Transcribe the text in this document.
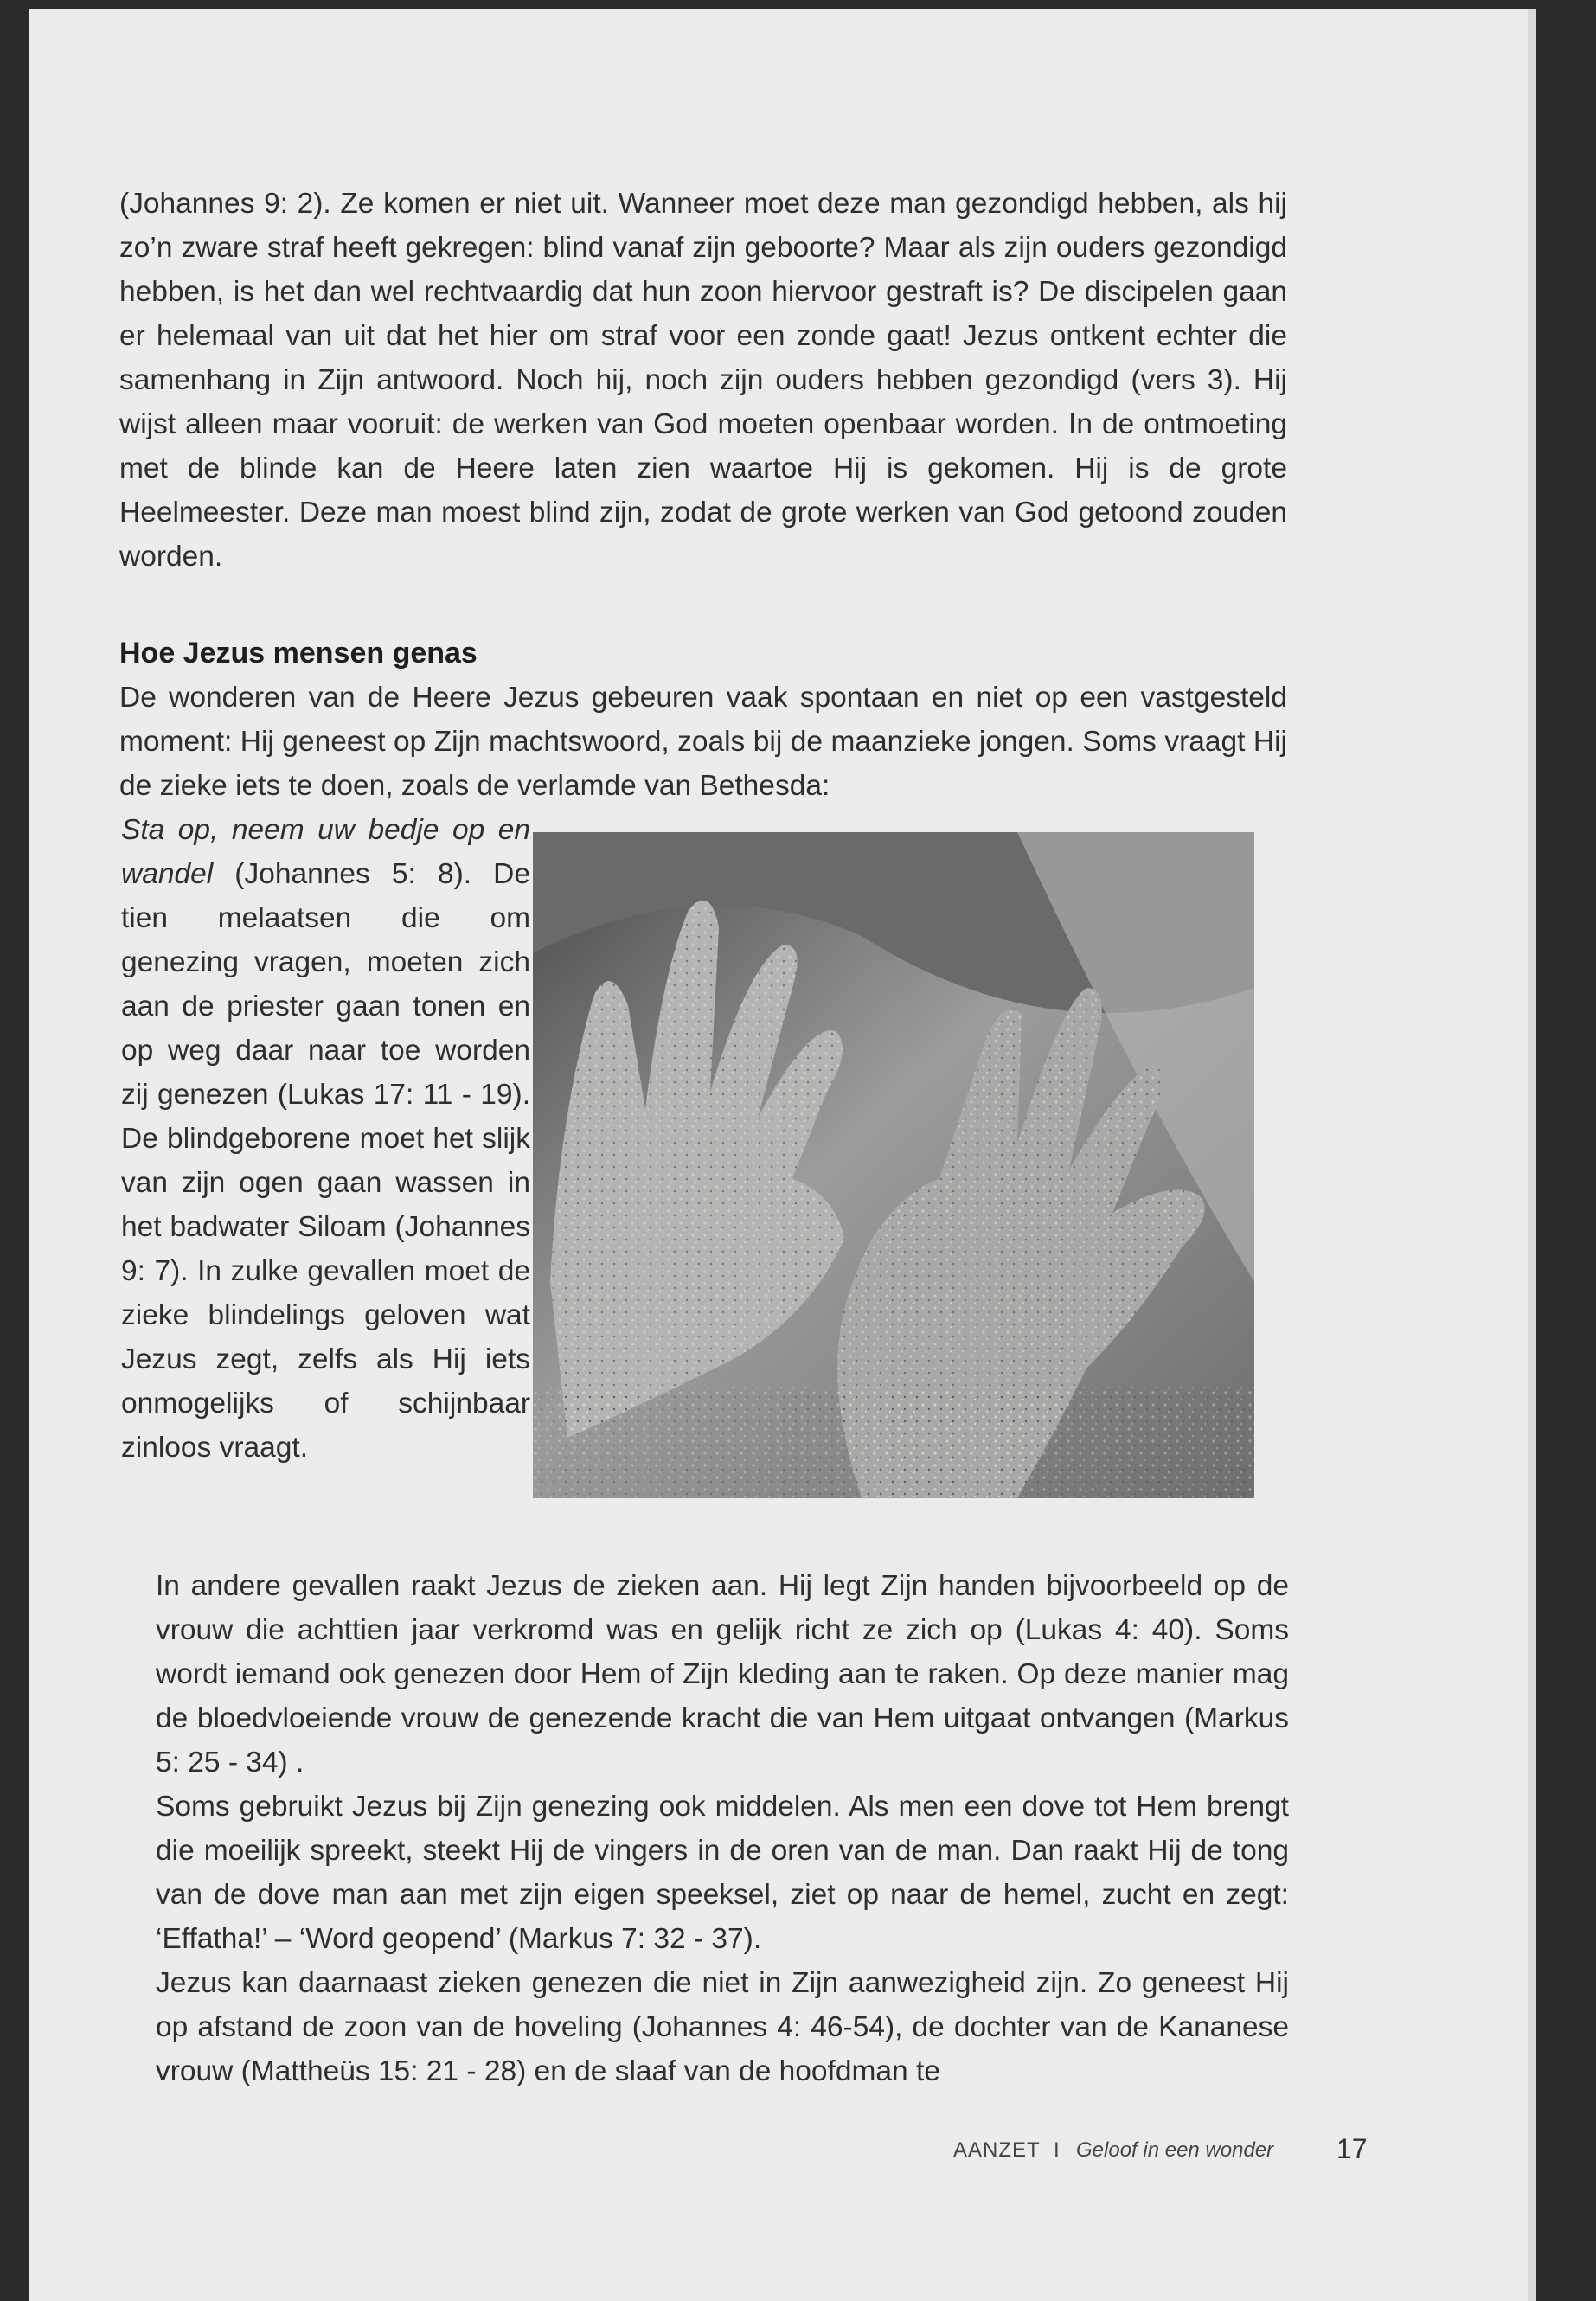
(Johannes 9: 2). Ze komen er niet uit. Wanneer moet deze man gezondigd hebben, als hij zo’n zware straf heeft gekregen: blind vanaf zijn geboorte? Maar als zijn ouders gezondigd hebben, is het dan wel rechtvaardig dat hun zoon hiervoor gestraft is? De discipelen gaan er helemaal van uit dat het hier om straf voor een zonde gaat! Jezus ontkent echter die samenhang in Zijn antwoord. Noch hij, noch zijn ouders hebben gezondigd (vers 3). Hij wijst alleen maar vooruit: de werken van God moeten openbaar worden. In de ontmoeting met de blinde kan de Heere laten zien waartoe Hij is gekomen. Hij is de grote Heelmeester. Deze man moest blind zijn, zodat de grote werken van God getoond zouden worden.

Hoe Jezus mensen genas

De wonderen van de Heere Jezus gebeuren vaak spontaan en niet op een vastgesteld moment: Hij geneest op Zijn machtswoord, zoals bij de maanzieke jongen. Soms vraagt Hij de zieke iets te doen, zoals de verlamde van Bethesda:

Sta op, neem uw bedje op en wandel (Johannes 5: 8). De tien melaatsen die om genezing vragen, moeten zich aan de priester gaan tonen en op weg daar naar toe worden zij genezen (Lukas 17: 11 - 19). De blindgeborene moet het slijk van zijn ogen gaan wassen in het badwater Siloam (Johannes 9: 7). In zulke gevallen moet de zieke blindelings geloven wat Jezus zegt, zelfs als Hij iets onmogelijks of schijnbaar zinloos vraagt.

In andere gevallen raakt Jezus de zieken aan. Hij legt Zijn handen bijvoorbeeld op de vrouw die achttien jaar verkromd was en gelijk richt ze zich op (Lukas 4: 40). Soms wordt iemand ook genezen door Hem of Zijn kleding aan te raken. Op deze manier mag de bloedvloeiende vrouw de genezende kracht die van Hem uitgaat ontvangen (Markus 5: 25 - 34) .

Soms gebruikt Jezus bij Zijn genezing ook middelen. Als men een dove tot Hem brengt die moeilijk spreekt, steekt Hij de vingers in de oren van de man. Dan raakt Hij de tong van de dove man aan met zijn eigen speeksel, ziet op naar de hemel, zucht en zegt: ‘Effatha!’ – ‘Word geopend’ (Markus 7: 32 - 37).

Jezus kan daarnaast zieken genezen die niet in Zijn aanwezigheid zijn. Zo geneest Hij op afstand de zoon van de hoveling (Johannes 4: 46-54), de dochter van de Kananese vrouw (Mattheüs 15: 21 - 28) en de slaaf van de hoofdman te

AANZET I Geloof in een wonder 17
